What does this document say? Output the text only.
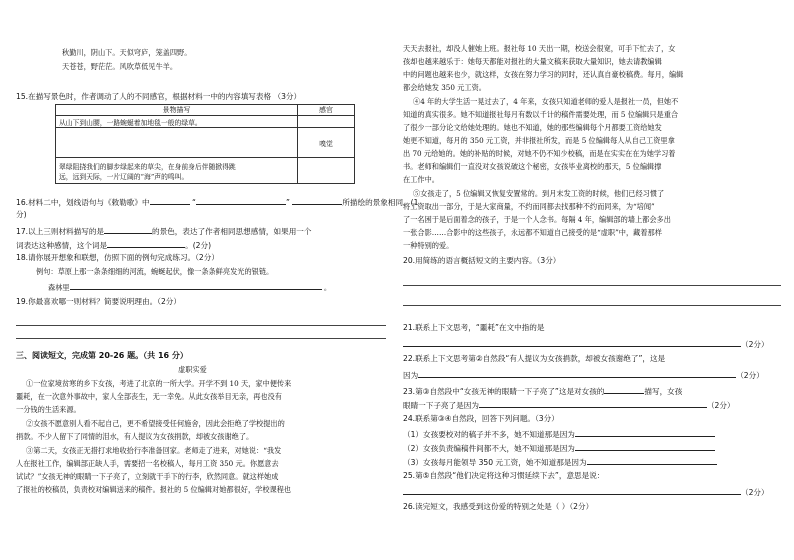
秋勤川，阴山下。天似穹庐，笼盖四野。
天苍苍，野茫茫。风吹草低见牛羊。
15.在描写景色时，作者调动了人的不同感官，根据材料一中的内容填写表格 （3分）
景物描写	感官
从山下到山腰，一路蜿蜒着加地毯一般的绿草。	
	嗅觉

翠绿阻挠我们的脚步绿起来的草尖，在身前身后伴随掀得跳
远，远到天际，一片辽阔的“海”声的鸣叫。	

16.材料二中，划线语句与《敕勒歌》中	“	”	所描绘的景象相同。(1
分)
17.以上三则材料描写的是	的景色，表达了作者相同思想感情，如果用一个
词表达这种感情，这个词是	。(2分)
18.请你展开想象和联想，仿照下面的例句完成练习。（2分）
例句：草原上那一条条细细的河流，蜿蜒起伏，像一条条鲜亮发光的银链。
森林里	。
19.你最喜欢哪一则材料？简要说明理由。（2分）
三、阅读短文，完成第 20-26 题。（共 16 分）
虚职实爱
①一位家境贫寒的乡下女孩，考进了北京的一所大学。开学不到 10 天，家中便传来
噩耗，在一次意外事故中，家人全部丧生，无一幸免。从此女孩举目无亲，再也没有
一分钱的生活来源。
②女孩不愿意别人看不起自己，更不希望接受任何施舍，因此会拒绝了学校提出的
捐款。不少人留下了同情的泪水，有人提议为女孩捐款，却被女孩谢绝了。
③第二天，女孩正无措打求地收拾行李准备回家。老师走了进来，对她说：“我发
人在报社工作，编辑部正缺人手，需要招一名校稿人，每月工资 350 元。你愿意去
试试？”女孩无神的眼睛一下子亮了，立刻就干手下的行李，欣然同意。就这样她成
了报社的校稿员，负责校对编辑送来的稿件。报社的 5 位编辑对她都很好，学校课程也
天天去报社，却没人催她上班。报社每 10 天出一期，校送会很宽，可手下忙去了，女
孩却也越来越乐于：她每天都能对报社的大量文稿来获取大量知识，她去请教编辑
中的问题也越来也少，就这样，女孩在努力学习的同时，还认真自豪校稿费。每月，编辑
都会给她发 350 元工资。
④4 年的大学生活一晃过去了，4 年来，女孩只知道老师的爱人是报社一员，但她不
知道的真实很多。她不知道报社每月有数以千计的稿件需要处理，而 5 位编辑只是重合
了很少一部分论文给她处理的。她也不知道，她的那些编辑每个月都要工资给她发
她更不知道，每月的 350 元工资，并非报社所发，而是 5 位编辑每人从自己工资里拿
出 70 元给她的。她的补贴的时候，对她不仍不知少校稿，而是在实实在在为她学习着
书。老师和编辑们一直没对女孩说破这个秘密，女孩毕业离校的那天，5 位编辑撑
在工作中。
⑤女孩走了，5 位编辑又恢复安置常的。到月末发工资的时候，他们已经习惯了
将工资取出一部分，于是大家商量，不约而同都去找那种不约而同来，为“培闻”
了一名困于是后面着念的孩子，于是一个人念书。每隔 4 年，编辑部的墙上都会多出
一张合影……合影中的这些孩子，永远都不知道自己接受的是“虚职”中，藏着那样
一种特别的爱。
20.用简练的语言概括短文的主要内容。（3分）
21.联系上下文思考，“噩耗”在文中指的是
（2分）
22.联系上下文思考第②自然段“有人提议为女孩捐款，却被女孩谢绝了”，这是
因为	（2分）
23.第③自然段中“女孩无神的眼睛一下子亮了”这是对女孩的	描写，女孩
眼睛一下子亮了是因为	（2分）
24.联系第③④自然段，回答下列问题。（3分）
（1）女孩要校对的稿子并不多，她不知道那是因为
（2）女孩负责编稿件间都不大，她不知道那是因为
（3）女孩每月能领导 350 元工资，她不知道那是因为
25.第⑤自然段“他们决定将这种习惯延续下去”，意思是说：
（2分）
26.读完短文，我感受到这份爱的特别之处是（ ）（2分）
